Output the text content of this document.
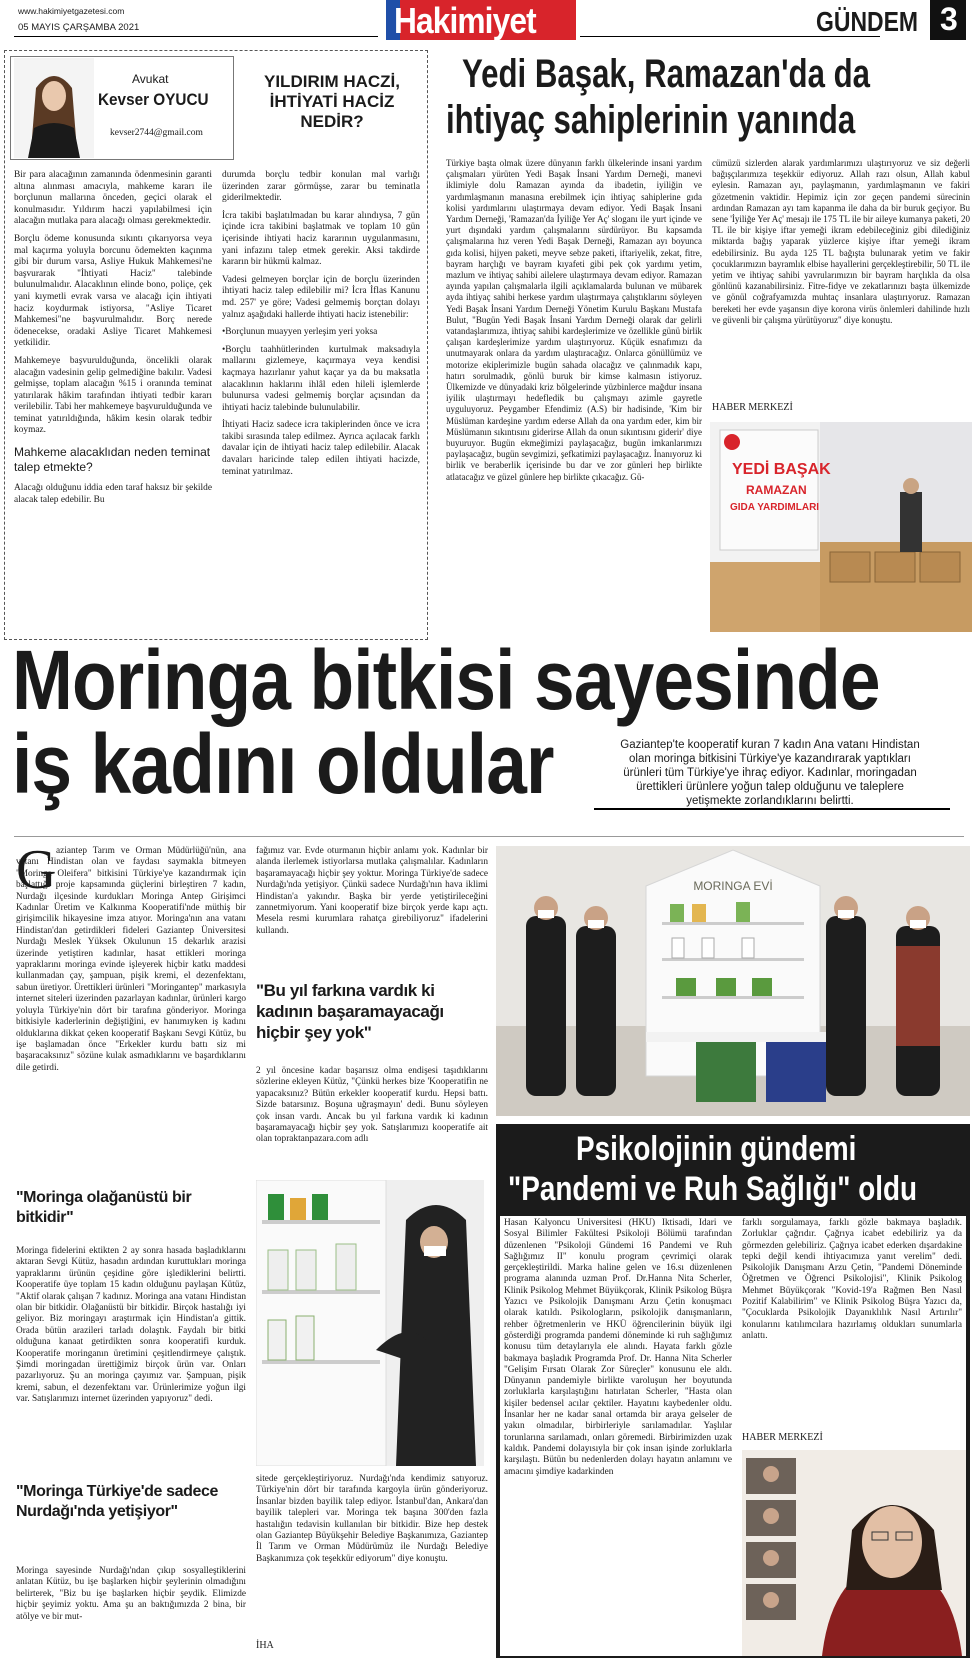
www.hakimiyetgazetesi.com
05 MAYIS ÇARŞAMBA 2021	Hakimiyet	GÜNDEM 3
Avukat
Kevser OYUCU
kevser2744@gmail.com
YILDIRIM HACZİ, İHTİYATİ HACİZ NEDİR?
Bir para alacağının zamanında ödenmesinin garanti altına alınması amacıyla, mahkeme kararı ile borçlunun mallarına önceden, geçici olarak el konulmasıdır. Yıldırım haczi yapılabilmesi için alacağın mutlaka para alacağı olması gerekmektedir.
Borçlu ödeme konusunda sıkıntı çıkarıyorsa veya mal kaçırma yoluyla borcunu ödemekten kaçınma gibi bir durum varsa, Asliye Hukuk Mahkemesi'ne başvurarak "İhtiyati Haciz" talebinde bulunulmalıdır. Alacaklının elinde bono, poliçe, çek yani kıymetli evrak varsa ve alacağı için ihtiyati haciz koydurmak istiyorsa, "Asliye Ticaret Mahkemesi"ne başvurulmalıdır. Borç nerede ödenecekse, oradaki Asliye Ticaret Mahkemesi yetkilidir.
Mahkemeye başvurulduğunda, öncelikli olarak alacağın vadesinin gelip gelmediğine bakılır. Vadesi gelmişse, toplam alacağın %15 i oranında teminat yatırılarak hâkim tarafından ihtiyati tedbir kararı verilebilir. Tabi her mahkemeye başvurulduğunda ve teminat yatırıldığında, hâkim kesin olarak tedbir koymaz.
Mahkeme alacaklıdan neden teminat talep etmekte?
Alacağı olduğunu iddia eden taraf haksız bir şekilde alacak talep edebilir. Bu
durumda borçlu tedbir konulan mal varlığı üzerinden zarar görmüşse, zarar bu teminatla giderilmektedir.
İcra takibi başlatılmadan bu karar alındıysa, 7 gün içinde icra takibini başlatmak ve toplam 10 gün içerisinde ihtiyati haciz kararının uygulanmasını, yani infazını talep etmek gerekir. Aksi takdirde kararın bir hükmü kalmaz.
Vadesi gelmeyen borçlar için de borçlu üzerinden ihtiyati haciz talep edilebilir mi? İcra İflas Kanunu md. 257' ye göre; Vadesi gelmemiş borçtan dolayı yalnız aşağıdaki hallerde ihtiyati haciz istenebilir:
•Borçlunun muayyen yerleşim yeri yoksa
•Borçlu taahhütlerinden kurtulmak maksadıyla mallarını gizlemeye, kaçırmaya veya kendisi kaçmaya hazırlanır yahut kaçar ya da bu maksatla alacaklının haklarını ihlâl eden hileli işlemlerde bulunursa vadesi gelmemiş borçlar açısından da ihtiyati haciz talebinde bulunulabilir.
İhtiyati Haciz sadece icra takiplerinden önce ve icra takibi sırasında talep edilmez. Ayrıca açılacak farklı davalar için de ihtiyati haciz talep edilebilir. Alacak davaları haricinde talep edilen ihtiyati hacizde, teminat yatırılmaz.
Yedi Başak, Ramazan'da da
ihtiyaç sahiplerinin yanında
Türkiye başta olmak üzere dünyanın farklı ülkelerinde insani yardım çalışmaları yürüten Yedi Başak İnsani Yardım Derneği, manevi iklimiyle dolu Ramazan ayında da ibadetin, iyiliğin ve yardımlaşmanın manasına erebilmek için ihtiyaç sahiplerine gıda kolisi yardımlarını ulaştırmaya devam ediyor. Yedi Başak İnsani Yardım Derneği, 'Ramazan'da İyiliğe Yer Aç' sloganı ile yurt içinde ve yurt dışındaki yardım çalışmalarını sürdürüyor. Bu kapsamda çalışmalarına hız veren Yedi Başak Derneği, Ramazan ayı boyunca gıda kolisi, hijyen paketi, meyve sebze paketi, iftariyelik, zekat, fitre, bayram harçlığı ve bayram kıyafeti gibi pek çok yardımı yetim, mazlum ve ihtiyaç sahibi ailelere ulaştırmaya devam ediyor. Ramazan ayında yapılan çalışmalarla ilgili açıklamalarda bulunan ve mübarek ayda ihtiyaç sahibi herkese yardım ulaştırmaya çalıştıklarını söyleyen Yedi Başak İnsani Yardım Derneği Yönetim Kurulu Başkanı Mustafa Bulut, "Bugün Yedi Başak İnsani Yardım Derneği olarak dar gelirli vatandaşlarımıza, ihtiyaç sahibi kardeşlerimize ve özellikle günü birlik çalışan kardeşlerimize yardım ulaştırıyoruz. Küçük esnafımızı da unutmayarak onlara da yardım ulaştıracağız. Onlarca gönüllümüz ve motorize ekiplerimizle bugün sahada olacağız ve çalınmadık kapı, hatırı sorulmadık, gönlü buruk bir kimse kalmasın istiyoruz. Ülkemizde ve dünyadaki kriz bölgelerinde yüzbinlerce mağdur insana iyilik ulaştırmayı hedefledik bu çalışmayı azimle gayretle uyguluyoruz. Peygamber Efendimiz (A.S) bir hadisinde, 'Kim bir Müslüman kardeşine yardım ederse Allah da ona yardım eder, kim bir Müslümanın sıkıntısını giderirse Allah da onun sıkıntısını giderir' diye buyuruyor. Bugün ekmeğimizi paylaşacağız, bugün imkanlarımızı paylaşacağız, bugün sevgimizi, şefkatimizi paylaşacağız. İnanıyoruz ki birlik ve beraberlik içerisinde bu dar ve zor günleri hep birlikte atlatacağız ve güzel günlere hep birlikte çıkacağız. Gü-
cümüzü sizlerden alarak yardımlarımızı ulaştırıyoruz ve siz değerli bağışçılarımıza teşekkür ediyoruz. Allah razı olsun, Allah kabul eylesin. Ramazan ayı, paylaşmanın, yardımlaşmanın ve fakiri gözetmenin vaktidir. Hepimiz için zor geçen pandemi sürecinin ardından Ramazan ayı tam kapanma ile daha da bir buruk geçiyor. Bu sene 'İyiliğe Yer Aç' mesajı ile 175 TL ile bir aileye kumanya paketi, 20 TL ile bir kişiye iftar yemeği ikram edebileceğiniz gibi dilediğiniz miktarda bağış yaparak yüzlerce kişiye iftar yemeği ikram edebilirsiniz. Bu ayda 125 TL bağışta bulunarak yetim ve fakir çocuklarımızın bayramlık elbise hayallerini gerçekleştirebilir, 50 TL ile yetim ve ihtiyaç sahibi yavrularımızın bir bayram harçlıkla da olsa gönlünü kazanabilirsiniz. Fitre-fidye ve zekatlarınızı başta ülkemizde ve gönül coğrafyamızda muhtaç insanlara ulaştırıyoruz. Ramazan bereketi her evde yaşansın diye korona virüs önlemleri dahilinde hızlı ve güvenli bir çalışma yürütüyoruz" diye konuştu.
HABER MERKEZİ
YEDİ BAŞAK
RAMAZAN
GIDA YARDIMLARI
Moringa bitkisi sayesinde
iş kadını oldular	Gaziantep'te kooperatif kuran 7 kadın Ana vatanı Hindistan olan moringa bitkisini Türkiye'ye kazandırarak yaptıkları ürünleri tüm Türkiye'ye ihraç ediyor. Kadınlar, moringadan ürettikleri ürünlere yoğun talep olduğunu ve taleplere yetişmekte zorlandıklarını belirtti.
G aziantep Tarım ve Orman Müdürlüğü'nün, ana vatanı Hindistan olan ve faydası saymakla bitmeyen "Moringa Oleifera" bitkisini Türkiye'ye kazandırmak için başlattığı proje kapsamında güçlerini birleştiren 7 kadın, Nurdağı ilçesinde kurdukları Moringa Antep Girişimci Kadınlar Üretim ve Kalkınma Kooperatifi'nde müthiş bir girişimcilik hikayesine imza atıyor. Moringa'nın ana vatanı Hindistan'dan getirdikleri fideleri Gaziantep Üniversitesi Nurdağı Meslek Yüksek Okulunun 15 dekarlık arazisi üzerinde yetiştiren kadınlar, hasat ettikleri moringa yapraklarını moringa evinde işleyerek hiçbir katkı maddesi kullanmadan çay, şampuan, pişik kremi, el dezenfektanı, sabun üretiyor. Ürettikleri ürünleri "Moringantep" markasıyla internet siteleri üzerinden pazarlayan kadınlar, ürünleri kargo yoluyla Türkiye'nin dört bir tarafına gönderiyor. Moringa bitkisiyle kaderlerinin değiştiğini, ev hanımıyken iş kadını olduklarına dikkat çeken kooperatif Başkanı Sevgi Kütüz, bu işe başlamadan önce "Erkekler kurdu battı siz mi başaracaksınız" sözüne kulak asmadıklarını ve başardıklarını dile getirdi.
"Moringa olağanüstü bir bitkidir"
Moringa fidelerini ektikten 2 ay sonra hasada başladıklarını aktaran Sevgi Kütüz, hasadın ardından kuruttukları moringa yapraklarını ürünün çeşidine göre işlediklerini belirtti. Kooperatife üye toplam 15 kadın olduğunu paylaşan Kütüz, "Aktif olarak çalışan 7 kadınız. Moringa ana vatanı Hindistan olan bir bitkidir. Olağanüstü bir bitkidir. Birçok hastalığı iyi geliyor. Biz moringayı araştırmak için Hindistan'a gittik. Orada bütün arazileri tarladı dolaştık. Faydalı bir bitki olduğuna kanaat getirdikten sonra kooperatifi kurduk. Kooperatife moringanın üretimini çeşitlendirmeye çalıştık. Şimdi moringadan ürettiğimiz birçok ürün var. Onları pazarlıyoruz. Şu an moringa çayımız var. Şampuan, pişik kremi, sabun, el dezenfektanı var. Ürünlerimize yoğun ilgi var. Satışlarımızı internet üzerinden yapıyoruz" dedi.
"Moringa Türkiye'de sadece Nurdağı'nda yetişiyor"
Moringa sayesinde Nurdağı'ndan çıkıp sosyalleştiklerini anlatan Kütüz, bu işe başlarken hiçbir şeylerinin olmadığını belirterek, "Biz bu işe başlarken hiçbir şeydik. Elimizde hiçbir şeyimiz yoktu. Ama şu an baktığımızda 2 bina, bir atölye ve bir mut-
fağımız var. Evde oturmanın hiçbir anlamı yok. Kadınlar bir alanda ilerlemek istiyorlarsa mutlaka çalışmalılar. Kadınların başaramayacağı hiçbir şey yoktur. Moringa Türkiye'de sadece Nurdağı'nda yetişiyor. Çünkü sadece Nurdağı'nın hava iklimi Hindistan'a yakındır. Başka bir yerde yetiştirileceğini zannetmiyorum. Yani kooperatif bize birçok yerde kapı açtı. Mesela resmi kurumlara rahatça girebiliyoruz" ifadelerini kullandı.
"Bu yıl farkına vardık ki kadının başaramayacağı hiçbir şey yok"
2 yıl öncesine kadar başarısız olma endişesi taşıdıklarını sözlerine ekleyen Kütüz, "Çünkü herkes bize 'Kooperatifin ne yapacaksınız? Bütün erkekler kooperatif kurdu. Hepsi battı. Sizde batarsınız. Boşuna uğraşmayın' dedi. Bunu söyleyen çok insan vardı. Ancak bu yıl farkına vardık ki kadının başaramayacağı hiçbir şey yok. Satışlarımızı kooperatife ait olan topraktanpazara.com adlı
sitede gerçekleştiriyoruz. Nurdağı'nda kendimiz satıyoruz. Türkiye'nin dört bir tarafında kargoyla ürün gönderiyoruz. İnsanlar bizden bayilik talep ediyor. İstanbul'dan, Ankara'dan bayilik talepleri var. Moringa tek başına 300'den fazla hastalığın tedavisin kullanılan bir bitkidir. Bize hep destek olan Gaziantep Büyükşehir Belediye Başkanımıza, Gaziantep İl Tarım ve Orman Müdürümüz ile Nurdağı Belediye Başkanımıza çok teşekkür ediyorum" diye konuştu.
İHA
MORINGA EVİ
Psikolojinin gündemi
"Pandemi ve Ruh Sağlığı" oldu
Hasan Kalyoncu Üniversitesi (HKÜ) İktisadi, İdari ve Sosyal Bilimler Fakültesi Psikoloji Bölümü tarafından düzenlenen "Psikoloji Gündemi 16 Pandemi ve Ruh Sağlığımız II" konulu program çevrimiçi olarak gerçekleştirildi. Marka haline gelen ve 16.sı düzenlenen programa alanında uzman Prof. Dr.Hanna Nita Scherler, Klinik Psikolog Mehmet Büyükçorak, Klinik Psikolog Büşra Yazıcı ve Psikolojik Danışmanı Arzu Çetin konuşmacı olarak katıldı. Psikologların, psikolojik danışmanların, rehber öğretmenlerin ve HKÜ öğrencilerinin büyük ilgi gösterdiği programda pandemi döneminde ki ruh sağlığımız konusu tüm detaylarıyla ele alındı. Hayata farklı gözle bakmaya başladık Programda Prof. Dr. Hanna Nita Scherler "Gelişim Fırsatı Olarak Zor Süreçler" konusunu ele aldı. Dünyanın pandemiyle birlikte varoluşun her boyutunda zorluklarla karşılaştığını hatırlatan Scherler, "Hasta olan kişiler bedensel acılar çektiler. Hayatını kaybedenler oldu. İnsanlar her ne kadar sanal ortamda bir araya gelseler de yakın olmadılar, birbirleriyle sarılamadılar. Yaşlılar torunlarına sarılamadı, onları göremedi. Birbirimizden uzak kaldık. Pandemi dolayısıyla bir çok insan işinde zorluklarla karşılaştı. Bütün bu nedenlerden dolayı hayatın anlamını ve amacını şimdiye kadarkinden
farklı sorgulamaya, farklı gözle bakmaya başladık. Zorluklar çağrıdır. Çağrıya icabet edebiliriz ya da görmezden gelebiliriz. Çağrıya icabet ederken dışardakine tepki değil kendi ihtiyacımıza yanıt verelim" dedi. Psikolojik Danışmanı Arzu Çetin, "Pandemi Döneminde Öğretmen ve Öğrenci Psikolojisi", Klinik Psikolog Mehmet Büyükçorak "Kovid-19'a Rağmen Ben Nasıl Pozitif Kalabilirim" ve Klinik Psikolog Büşra Yazıcı da, "Çocuklarda Psikolojik Dayanıklılık Nasıl Artırılır" konularını katılımcılara hazırlamış oldukları sunumlarla anlattı.
HABER MERKEZİ
